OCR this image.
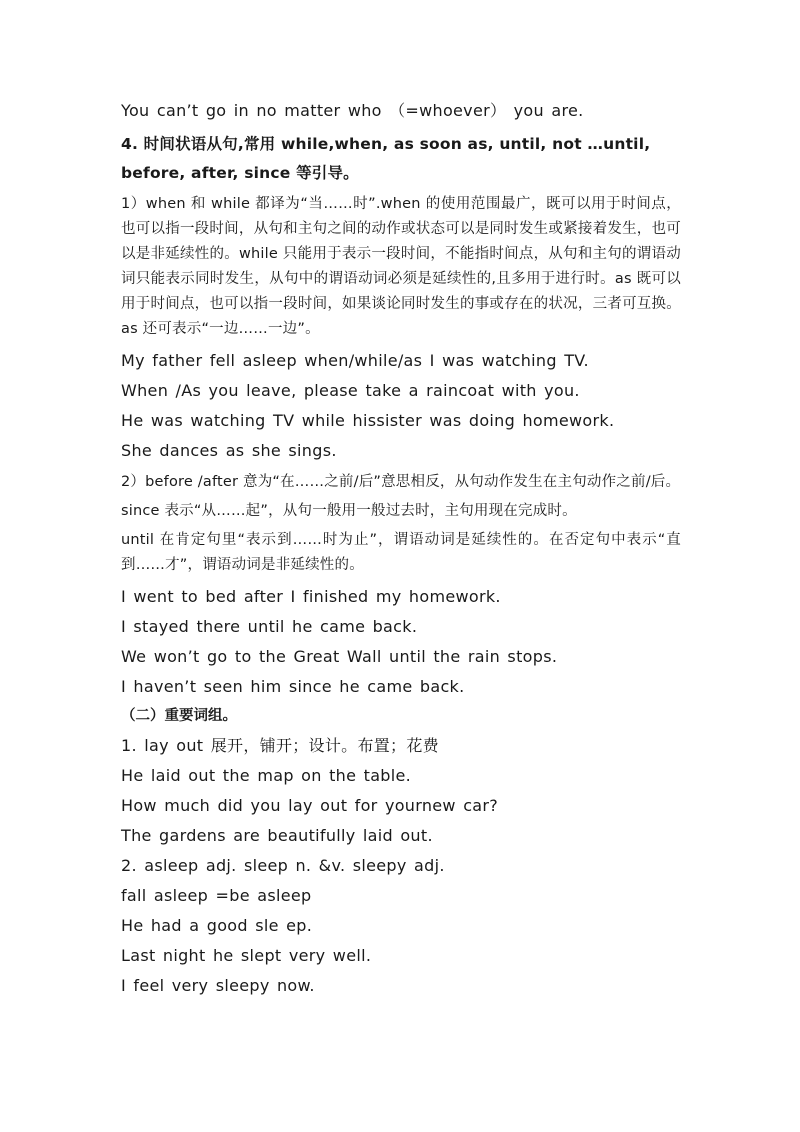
You can’t go in no matter who （=whoever） you are.

4. 时间状语从句,常用 while,when, as soon as, until, not …until, before, after, since 等引导。

1）when 和 while 都译为“当……时”.when 的使用范围最广，既可以用于时间点，也可以指一段时间，从句和主句之间的动作或状态可以是同时发生或紧接着发生，也可以是非延续性的。while 只能用于表示一段时间，不能指时间点，从句和主句的谓语动词只能表示同时发生，从句中的谓语动词必须是延续性的,且多用于进行时。as 既可以用于时间点，也可以指一段时间，如果谈论同时发生的事或存在的状况，三者可互换。as 还可表示“一边……一边”。

My father fell asleep when/while/as I was watching TV.

When /As you leave, please take a raincoat with you.

He was watching TV while hissister was doing homework.

She dances as she sings.

2）before /after 意为“在……之前/后”意思相反，从句动作发生在主句动作之前/后。

since 表示“从……起”，从句一般用一般过去时，主句用现在完成时。

until 在肯定句里“表示到……时为止”，谓语动词是延续性的。在否定句中表示“直到……才”，谓语动词是非延续性的。

I went to bed after I finished my homework.

I stayed there until he came back.

We won’t go to the Great Wall until the rain stops.

I haven’t seen him since he came back.

（二）重要词组。

1. lay out 展开，铺开；设计。布置；花费

He laid out the map on the table.

How much did you lay out for yournew car?

The gardens are beautifully laid out.

2. asleep adj. sleep n. &v. sleepy adj.

fall asleep =be asleep

He had a good sle ep.

Last night he slept very well.

I feel very sleepy now.
